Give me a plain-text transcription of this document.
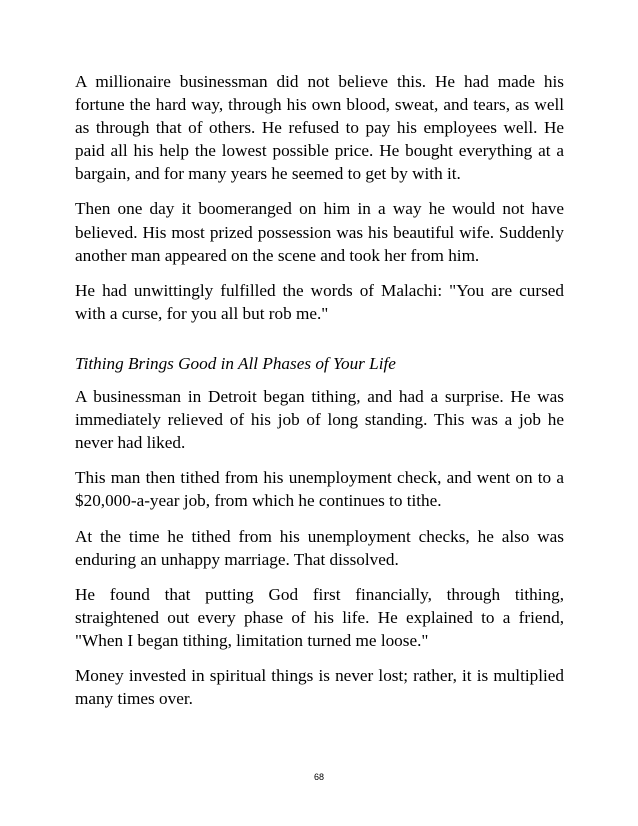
A millionaire businessman did not believe this. He had made his fortune the hard way, through his own blood, sweat, and tears, as well as through that of others. He refused to pay his employees well. He paid all his help the lowest possible price. He bought everything at a bargain, and for many years he seemed to get by with it.

Then one day it boomeranged on him in a way he would not have believed. His most prized possession was his beautiful wife. Suddenly another man appeared on the scene and took her from him.

He had unwittingly fulfilled the words of Malachi: "You are cursed with a curse, for you all but rob me."

Tithing Brings Good in All Phases of Your Life

A businessman in Detroit began tithing, and had a surprise. He was immediately relieved of his job of long standing. This was a job he never had liked.

This man then tithed from his unemployment check, and went on to a $20,000-a-year job, from which he continues to tithe.

At the time he tithed from his unemployment checks, he also was enduring an unhappy marriage. That dissolved.

He found that putting God first financially, through tithing, straightened out every phase of his life. He explained to a friend, "When I began tithing, limitation turned me loose."

Money invested in spiritual things is never lost; rather, it is multiplied many times over.

68
